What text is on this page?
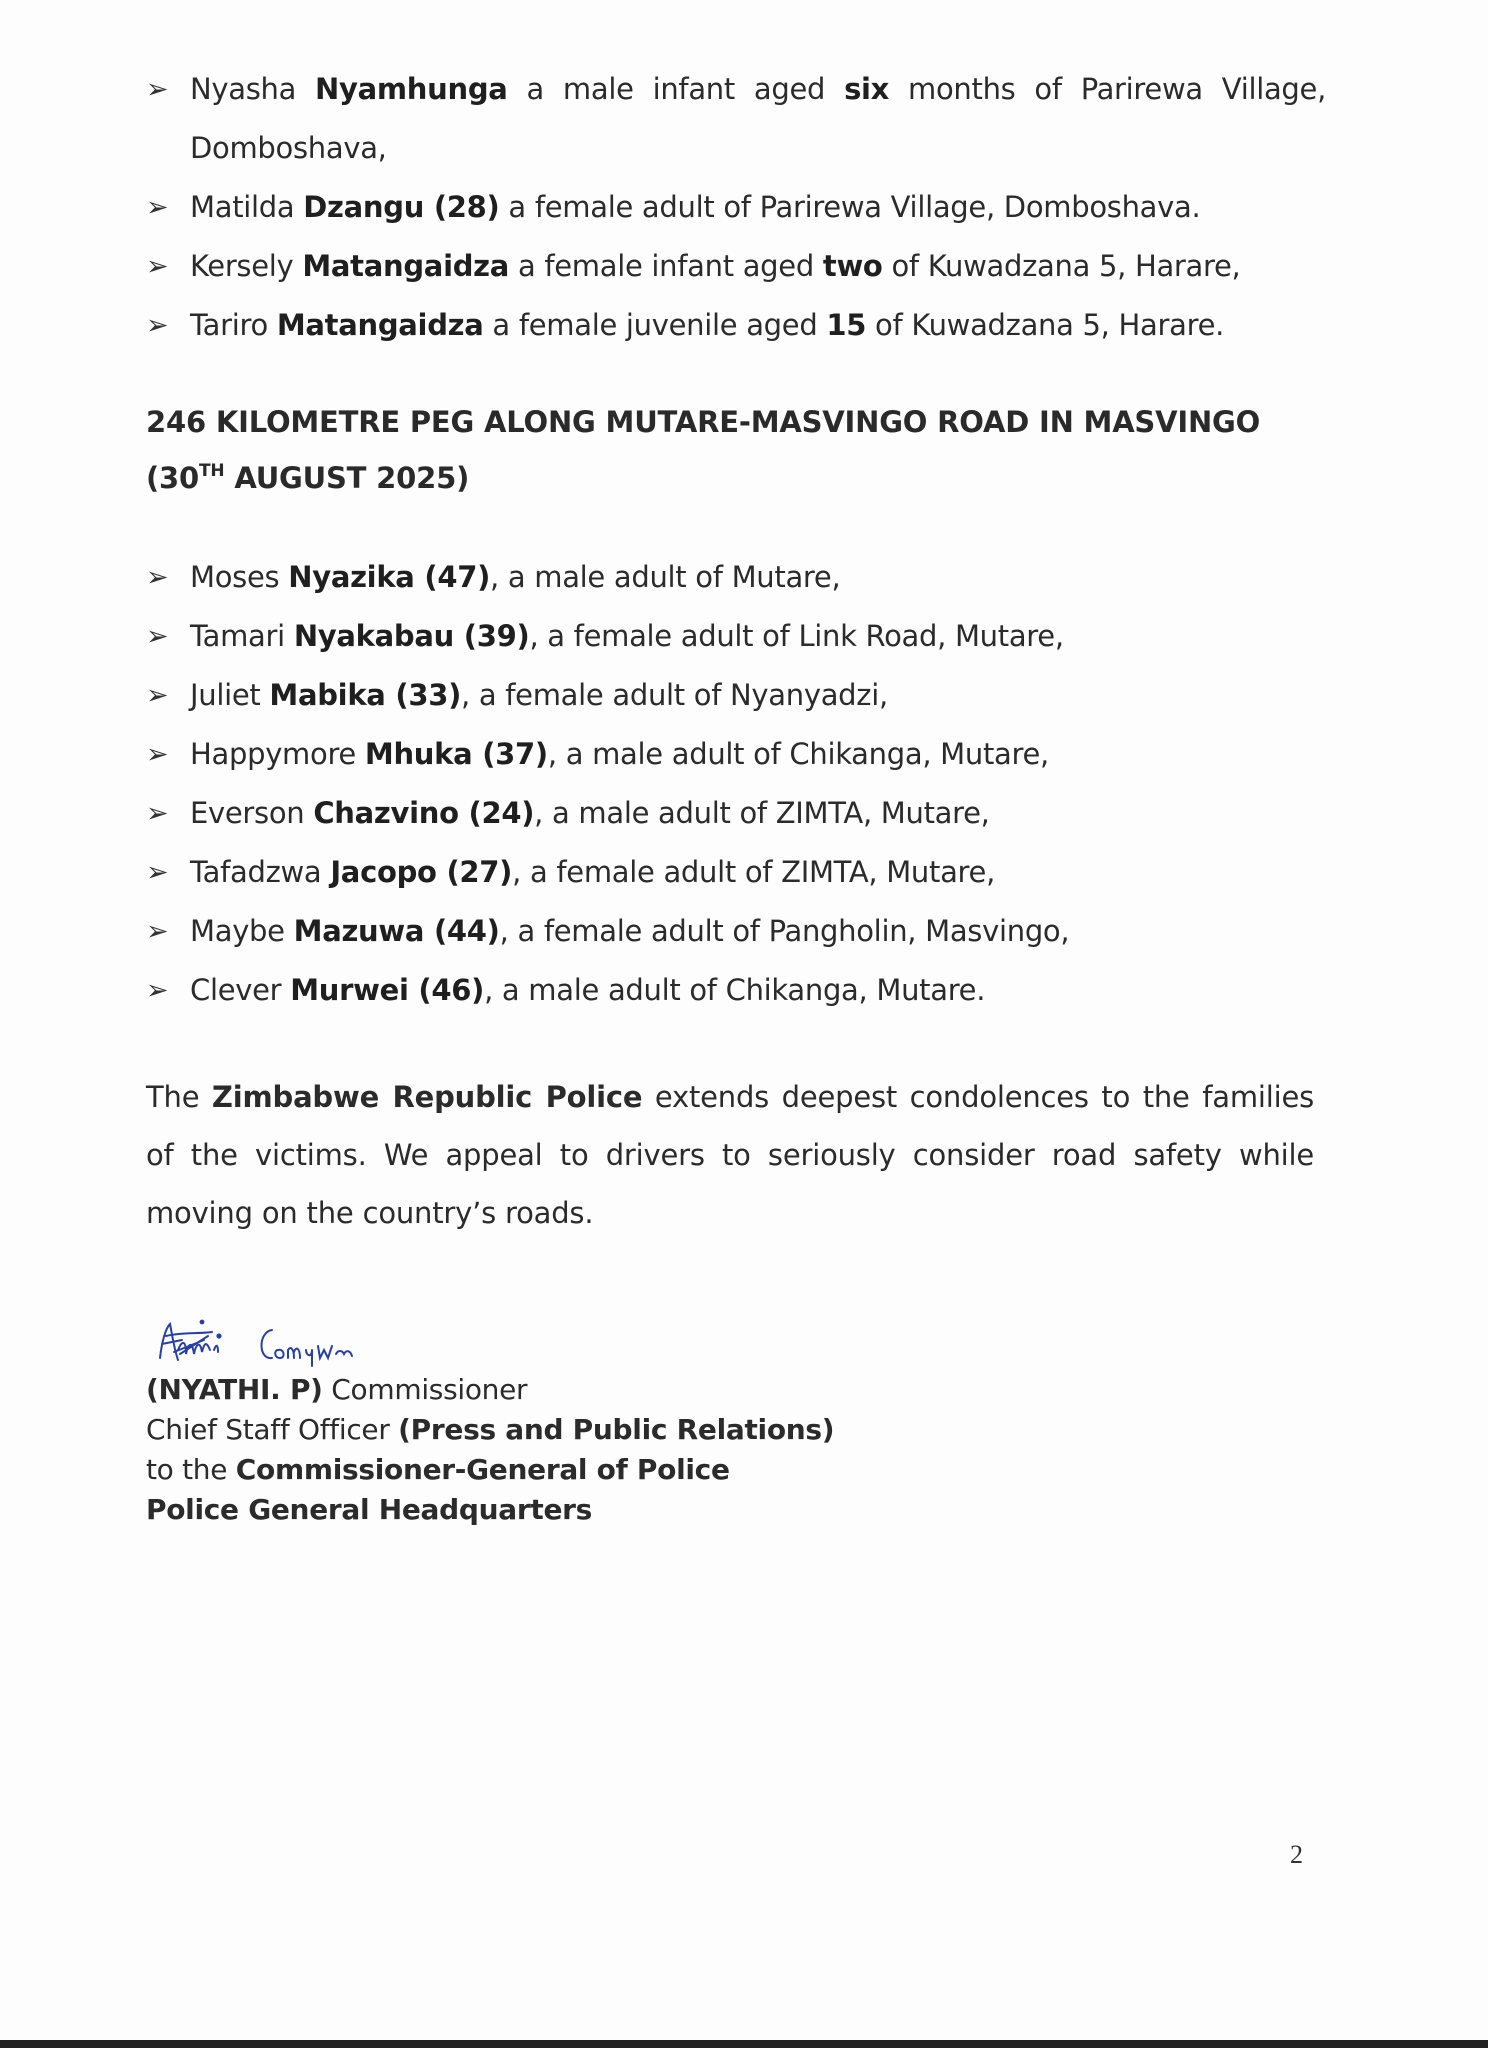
➢ Nyasha Nyamhunga a male infant aged six months of Parirewa Village, Domboshava,
➢ Matilda Dzangu (28) a female adult of Parirewa Village, Domboshava.
➢ Kersely Matangaidza a female infant aged two of Kuwadzana 5, Harare,
➢ Tariro Matangaidza a female juvenile aged 15 of Kuwadzana 5, Harare.
246 KILOMETRE PEG ALONG MUTARE-MASVINGO ROAD IN MASVINGO
(30TH AUGUST 2025)
➢ Moses Nyazika (47), a male adult of Mutare,
➢ Tamari Nyakabau (39), a female adult of Link Road, Mutare,
➢ Juliet Mabika (33), a female adult of Nyanyadzi,
➢ Happymore Mhuka (37), a male adult of Chikanga, Mutare,
➢ Everson Chazvino (24), a male adult of ZIMTA, Mutare,
➢ Tafadzwa Jacopo (27), a female adult of ZIMTA, Mutare,
➢ Maybe Mazuwa (44), a female adult of Pangholin, Masvingo,
➢ Clever Murwei (46), a male adult of Chikanga, Mutare.

The Zimbabwe Republic Police extends deepest condolences to the families of the victims. We appeal to drivers to seriously consider road safety while moving on the country’s roads.

(NYATHI. P) Commissioner
Chief Staff Officer (Press and Public Relations)
to the Commissioner-General of Police
Police General Headquarters
2
